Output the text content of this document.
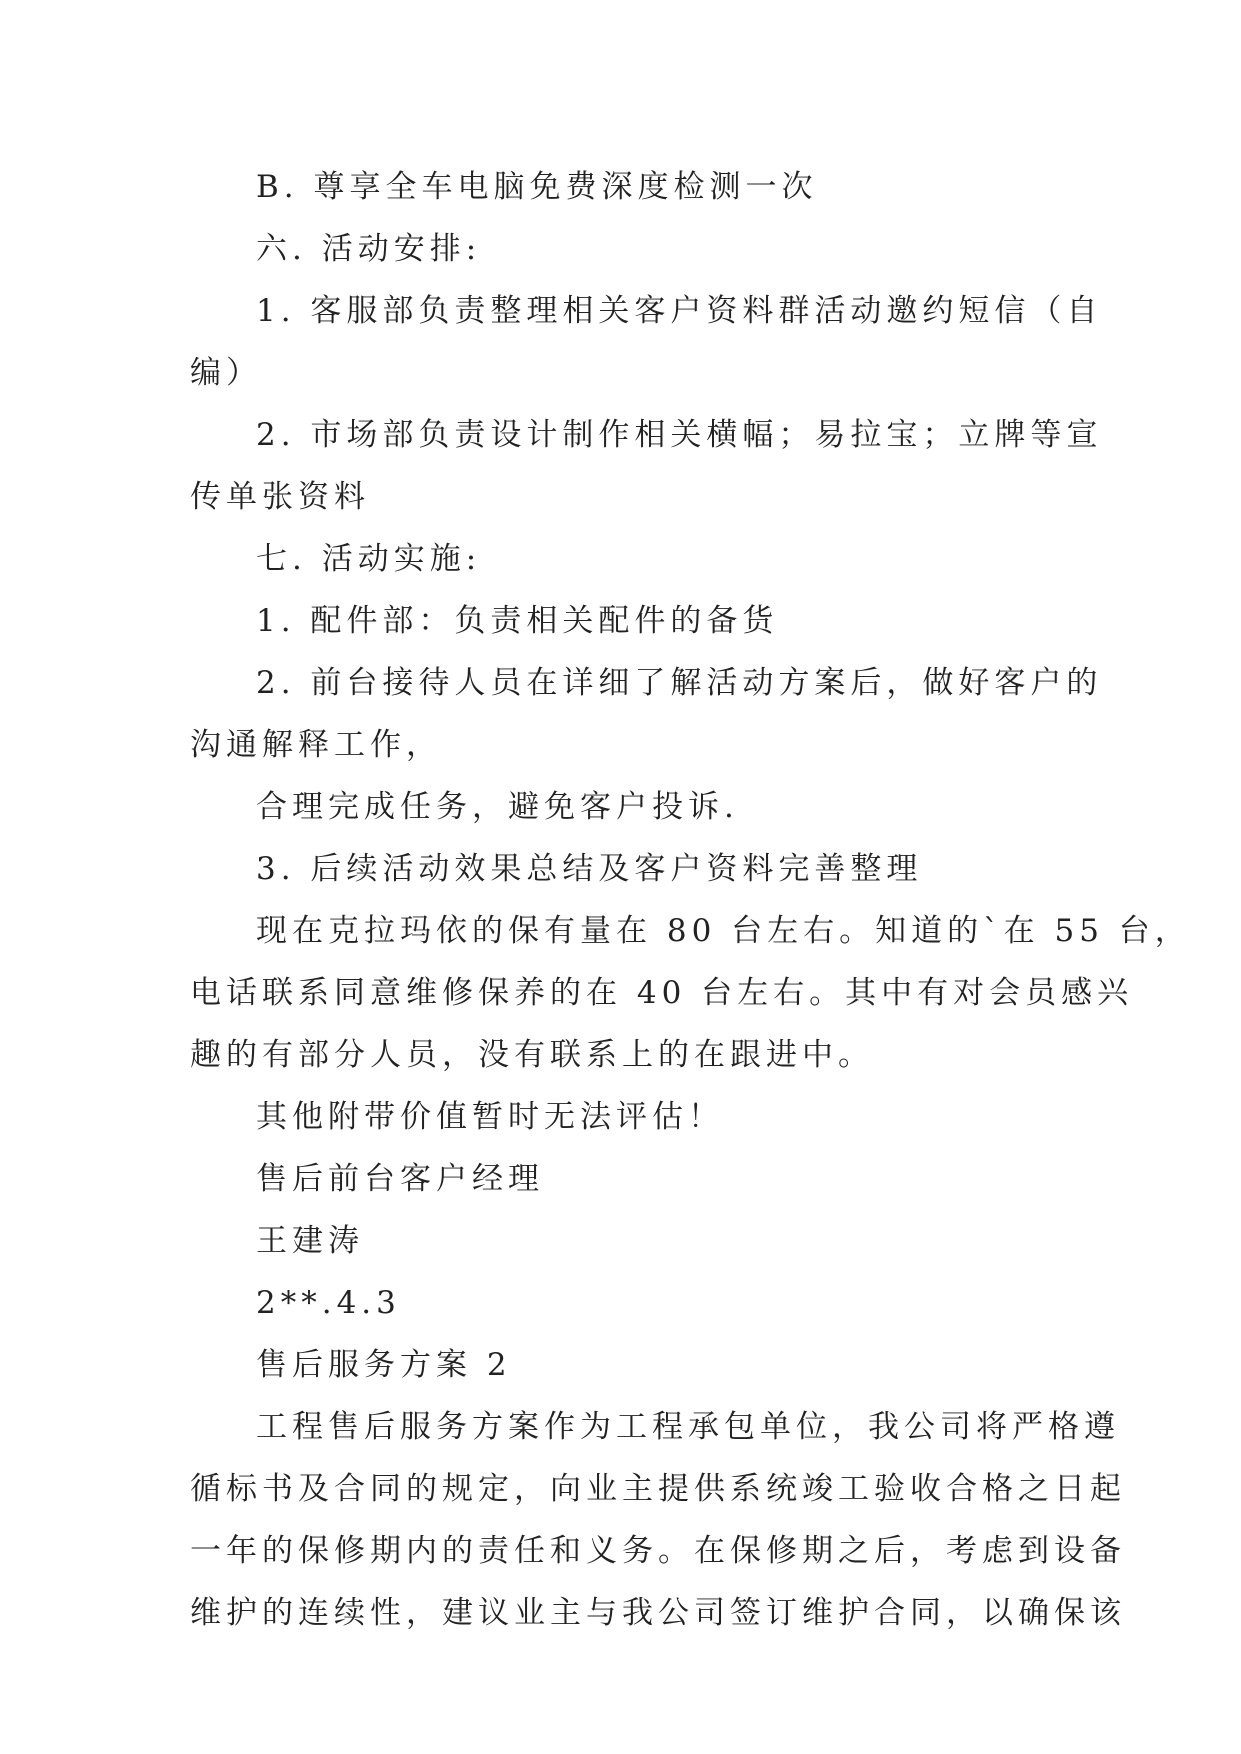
B. 尊享全车电脑免费深度检测一次
六. 活动安排:
1. 客服部负责整理相关客户资料群活动邀约短信（自
编）
2. 市场部负责设计制作相关横幅；易拉宝；立牌等宣
传单张资料
七. 活动实施:
1. 配件部：负责相关配件的备货
2. 前台接待人员在详细了解活动方案后，做好客户的
沟通解释工作，
合理完成任务，避免客户投诉.
3. 后续活动效果总结及客户资料完善整理
现在克拉玛依的保有量在 80 台左右。知道的`在 55 台，
电话联系同意维修保养的在 40 台左右。其中有对会员感兴
趣的有部分人员，没有联系上的在跟进中。
其他附带价值暂时无法评估！
售后前台客户经理
王建涛
2**.4.3
售后服务方案 2
工程售后服务方案作为工程承包单位，我公司将严格遵
循标书及合同的规定，向业主提供系统竣工验收合格之日起
一年的保修期内的责任和义务。在保修期之后，考虑到设备
维护的连续性，建议业主与我公司签订维护合同，以确保该
